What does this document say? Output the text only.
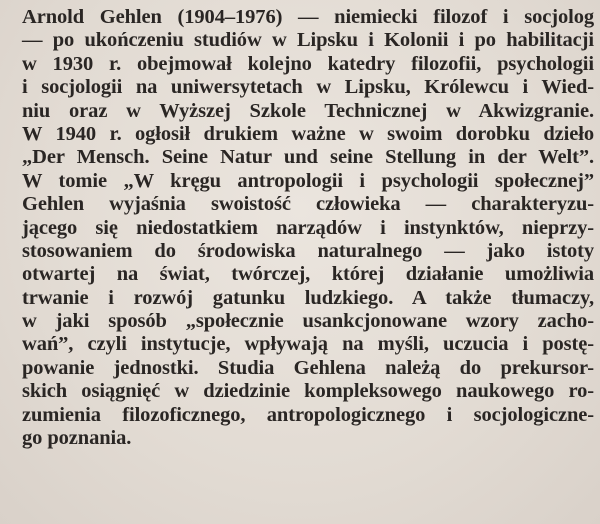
Arnold Gehlen (1904–1976) — niemiecki filozof i socjolog
— po ukończeniu studiów w Lipsku i Kolonii i po habilitacji
w 1930 r. obejmował kolejno katedry filozofii, psychologii
i socjologii na uniwersytetach w Lipsku, Królewcu i Wied-
niu oraz w Wyższej Szkole Technicznej w Akwizgranie.
W 1940 r. ogłosił drukiem ważne w swoim dorobku dzieło
„Der Mensch. Seine Natur und seine Stellung in der Welt”.
W tomie „W kręgu antropologii i psychologii społecznej”
Gehlen wyjaśnia swoistość człowieka — charakteryzu-
jącego się niedostatkiem narządów i instynktów, nieprzy-
stosowaniem do środowiska naturalnego — jako istoty
otwartej na świat, twórczej, której działanie umożliwia
trwanie i rozwój gatunku ludzkiego. A także tłumaczy,
w jaki sposób „społecznie usankcjonowane wzory zacho-
wań”, czyli instytucje, wpływają na myśli, uczucia i postę-
powanie jednostki. Studia Gehlena należą do prekursor-
skich osiągnięć w dziedzinie kompleksowego naukowego ro-
zumienia filozoficznego, antropologicznego i socjologiczne-
go poznania.
